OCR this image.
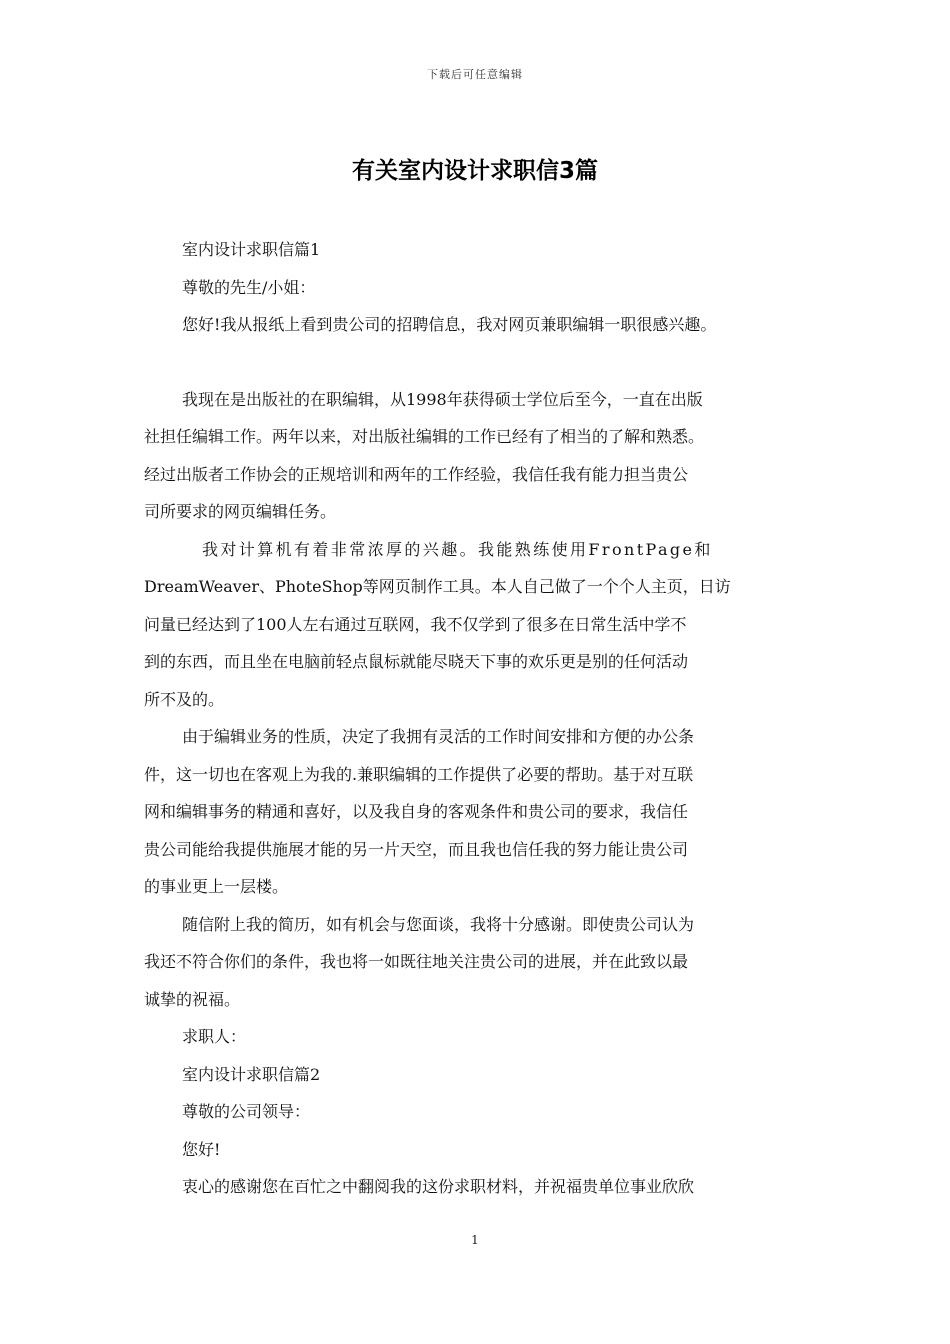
下载后可任意编辑
有关室内设计求职信3篇

室内设计求职信篇1

尊敬的先生/小姐：

您好!我从报纸上看到贵公司的招聘信息，我对网页兼职编辑一职很感兴趣。

我现在是出版社的在职编辑，从1998年获得硕士学位后至今，一直在出版

社担任编辑工作。两年以来，对出版社编辑的工作已经有了相当的了解和熟悉。

经过出版者工作协会的正规培训和两年的工作经验，我信任我有能力担当贵公

司所要求的网页编辑任务。

我对计算机有着非常浓厚的兴趣。我能熟练使用FrontPage和

DreamWeaver、PhoteShop等网页制作工具。本人自己做了一个个人主页，日访

问量已经达到了100人左右通过互联网，我不仅学到了很多在日常生活中学不

到的东西，而且坐在电脑前轻点鼠标就能尽晓天下事的欢乐更是别的任何活动

所不及的。

由于编辑业务的性质，决定了我拥有灵活的工作时间安排和方便的办公条

件，这一切也在客观上为我的.兼职编辑的工作提供了必要的帮助。基于对互联

网和编辑事务的精通和喜好，以及我自身的客观条件和贵公司的要求，我信任

贵公司能给我提供施展才能的另一片天空，而且我也信任我的努力能让贵公司

的事业更上一层楼。

随信附上我的简历，如有机会与您面谈，我将十分感谢。即使贵公司认为

我还不符合你们的条件，我也将一如既往地关注贵公司的进展，并在此致以最

诚挚的祝福。

求职人：

室内设计求职信篇2

尊敬的公司领导：

您好!

衷心的感谢您在百忙之中翻阅我的这份求职材料，并祝福贵单位事业欣欣

1
